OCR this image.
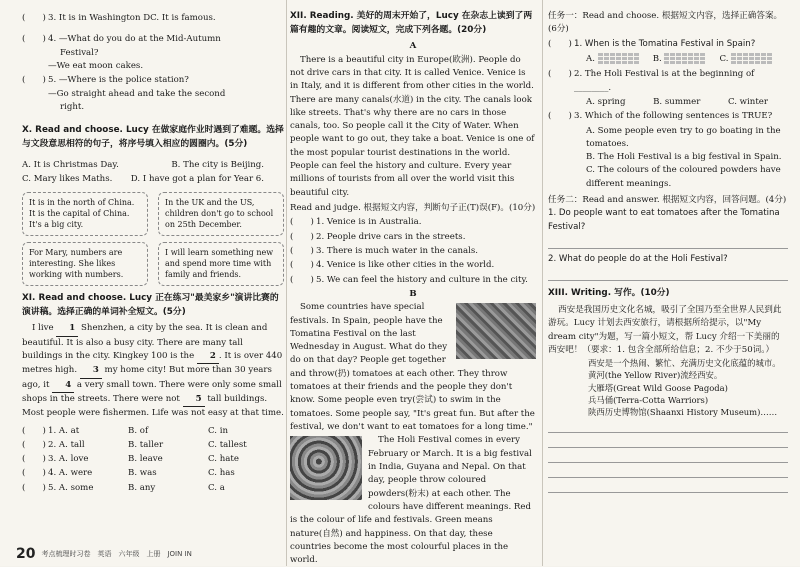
(　　) 3. It is in Washington DC. It is famous.
(　　) 4. —What do you do at the Mid-Autumn

Festival?

—We eat moon cakes.

(　　) 5. —Where is the police station?

—Go straight ahead and take the second

right.

X. Read and choose. Lucy 在做家庭作业时遇到了难题。选择与文段意思相符的句子，将序号填入相应的圆圈内。(5分)

A. It is Christmas Day.	B. The city is Beijing.
C. Mary likes Maths. D. I have got a plan for Year 6.
It is in the north of China. It is the capital of China. It's a big city.
In the UK and the US, children don't go to school on 25th December.
For Mary, numbers are interesting. She likes working with numbers.
I will learn something new and spend more time with family and friends.

XI. Read and choose. Lucy 正在练习"最美家乡"演讲比赛的演讲稿。选择正确的单词补全短文。(5分)

I live 1 Shenzhen, a city by the sea. It is clean and beautiful. It is also a busy city. There are many tall buildings in the city. Kingkey 100 is the 2 . It is over 440 metres high. 3 my home city! But more than 30 years ago, it 4 a very small town. There were only some small shops in the streets. There were not 5 tall buildings. Most people were fishermen. Life was not easy at that time.

(　　) 1. A. at	B. of	C. in
(　　) 2. A. tall	B. taller	C. tallest
(　　) 3. A. love	B. leave	C. hate
(　　) 4. A. were	B. was	C. has
(　　) 5. A. some	B. any	C. a

XII. Reading. 美好的周末开始了，Lucy 在杂志上读到了两篇有趣的文章。阅读短文，完成下列各题。(20分)

A

There is a beautiful city in Europe(欧洲). People do not drive cars in that city. It is called Venice. Venice is in Italy, and it is different from other cities in the world. There are many canals(水道) in the city. The canals look like streets. That's why there are no cars in those canals, too. So people call it the City of Water. When people want to go out, they take a boat. Venice is one of the most popular tourist destinations in the world. People can feel the history and culture. Every year millions of tourists from all over the world visit this beautiful city.

Read and judge. 根据短文内容，判断句子正(T)误(F)。(10分)

(　　) 1. Venice is in Australia.
(　　) 2. People drive cars in the streets.
(　　) 3. There is much water in the canals.
(　　) 4. Venice is like other cities in the world.
(　　) 5. We can feel the history and culture in the city.

B

Some countries have special festivals. In Spain, people have the Tomatina Festival on the last Wednesday in August. What do they do on that day? People get together and throw(扔) tomatoes at each other. They throw tomatoes at their friends and the people they don't know. Some people even try(尝试) to swim in the tomatoes. Some people say, "It's great fun. But after the festival, we don't want to eat tomatoes for a long time."

The Holi Festival comes in every February or March. It is a big festival in India, Guyana and Nepal. On that day, people throw coloured powders(粉末) at each other. The colours have different meanings. Red is the colour of life and festivals. Green means nature(自然) and happiness. On that day, these countries become the most colourful places in the world.

任务一：Read and choose. 根据短文内容，选择正确答案。(6分)

(　　) 1. When is the Tomatina Festival in Spain?
A.	B.	C.
(　　) 2. The Holi Festival is at the beginning of ________.
A. spring	B. summer	C. winter
(　　) 3. Which of the following sentences is TRUE?

A. Some people even try to go boating in the tomatoes.

B. The Holi Festival is a big festival in Spain.

C. The colours of the coloured powders have different meanings.

任务二：Read and answer. 根据短文内容，回答问题。(4分)

1. Do people want to eat tomatoes after the Tomatina Festival?

2. What do people do at the Holi Festival?

XIII. Writing. 写作。(10分)

西安是我国历史文化名城，吸引了全国乃至全世界人民到此游玩。Lucy 计划去西安旅行，请根据所给提示，以"My dream city"为题，写一篇小短文，帮 Lucy 介绍一下美丽的西安吧！（要求：1. 包含全部所给信息；2. 不少于50词。）

西安是一个热闹、繁忙、充满历史文化底蕴的城市。

黄河(the Yellow River)流经西安。

大雁塔(Great Wild Goose Pagoda)

兵马俑(Terra-Cotta Warriors)

陕西历史博物馆(Shaanxi History Museum)……

20 考点梳理时习卷　英语　六年级　上册　JOIN IN
